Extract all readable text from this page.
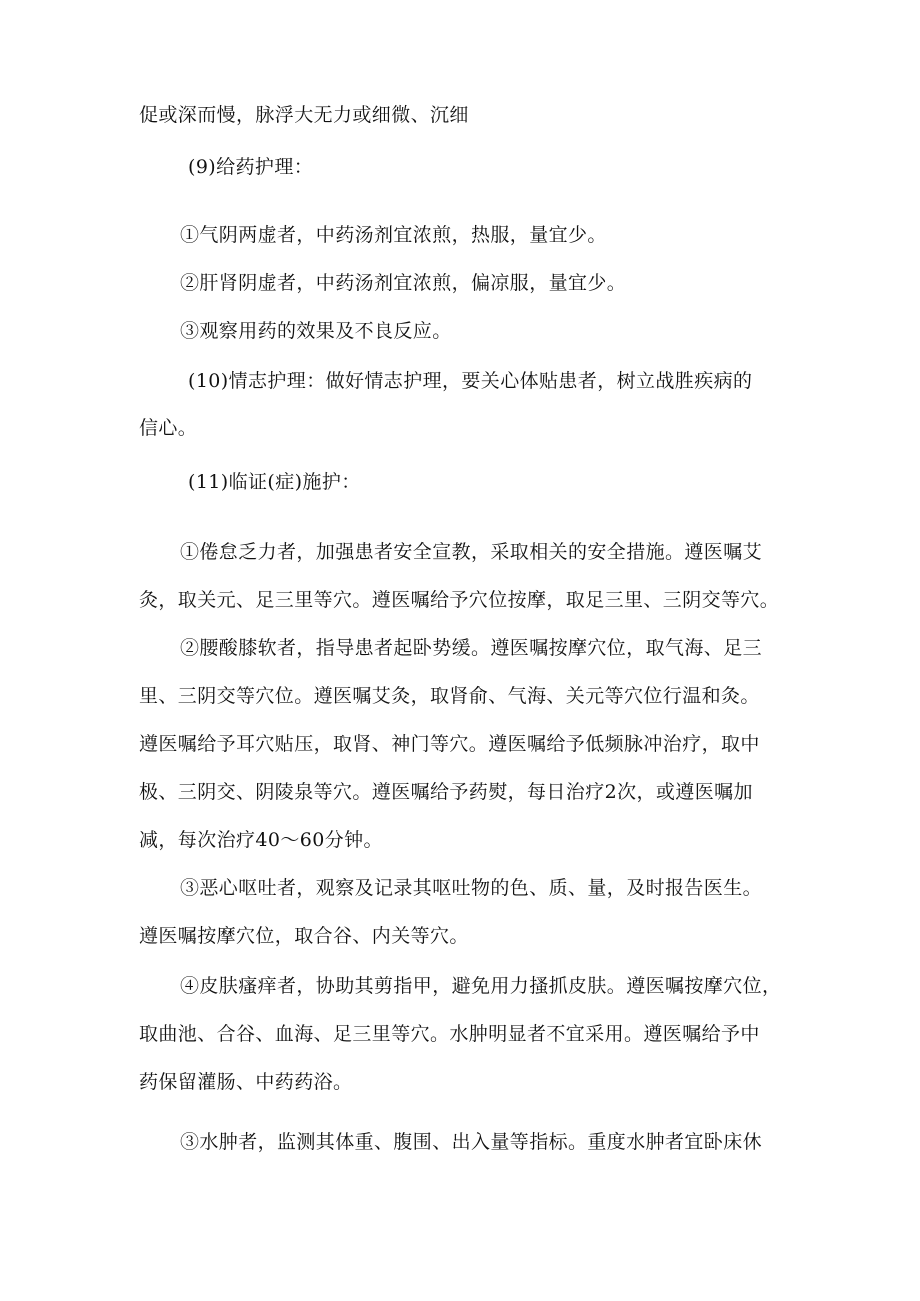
促或深而慢，脉浮大无力或细微、沉细
(9)给药护理：
①气阴两虚者，中药汤剂宜浓煎，热服，量宜少。
②肝肾阴虚者，中药汤剂宜浓煎，偏凉服，量宜少。
③观察用药的效果及不良反应。
(10)情志护理：做好情志护理，要关心体贴患者，树立战胜疾病的
信心。
(11)临证(症)施护：
①倦怠乏力者，加强患者安全宣教，采取相关的安全措施。遵医嘱艾
灸，取关元、足三里等穴。遵医嘱给予穴位按摩，取足三里、三阴交等穴。
②腰酸膝软者，指导患者起卧势缓。遵医嘱按摩穴位，取气海、足三
里、三阴交等穴位。遵医嘱艾灸，取肾俞、气海、关元等穴位行温和灸。
遵医嘱给予耳穴贴压，取肾、神门等穴。遵医嘱给予低频脉冲治疗，取中
极、三阴交、阴陵泉等穴。遵医嘱给予药熨，每日治疗2次，或遵医嘱加
减，每次治疗40～60分钟。
③恶心呕吐者，观察及记录其呕吐物的色、质、量，及时报告医生。
遵医嘱按摩穴位，取合谷、内关等穴。
④皮肤瘙痒者，协助其剪指甲，避免用力搔抓皮肤。遵医嘱按摩穴位，
取曲池、合谷、血海、足三里等穴。水肿明显者不宜采用。遵医嘱给予中
药保留灌肠、中药药浴。
③水肿者，监测其体重、腹围、出入量等指标。重度水肿者宜卧床休
